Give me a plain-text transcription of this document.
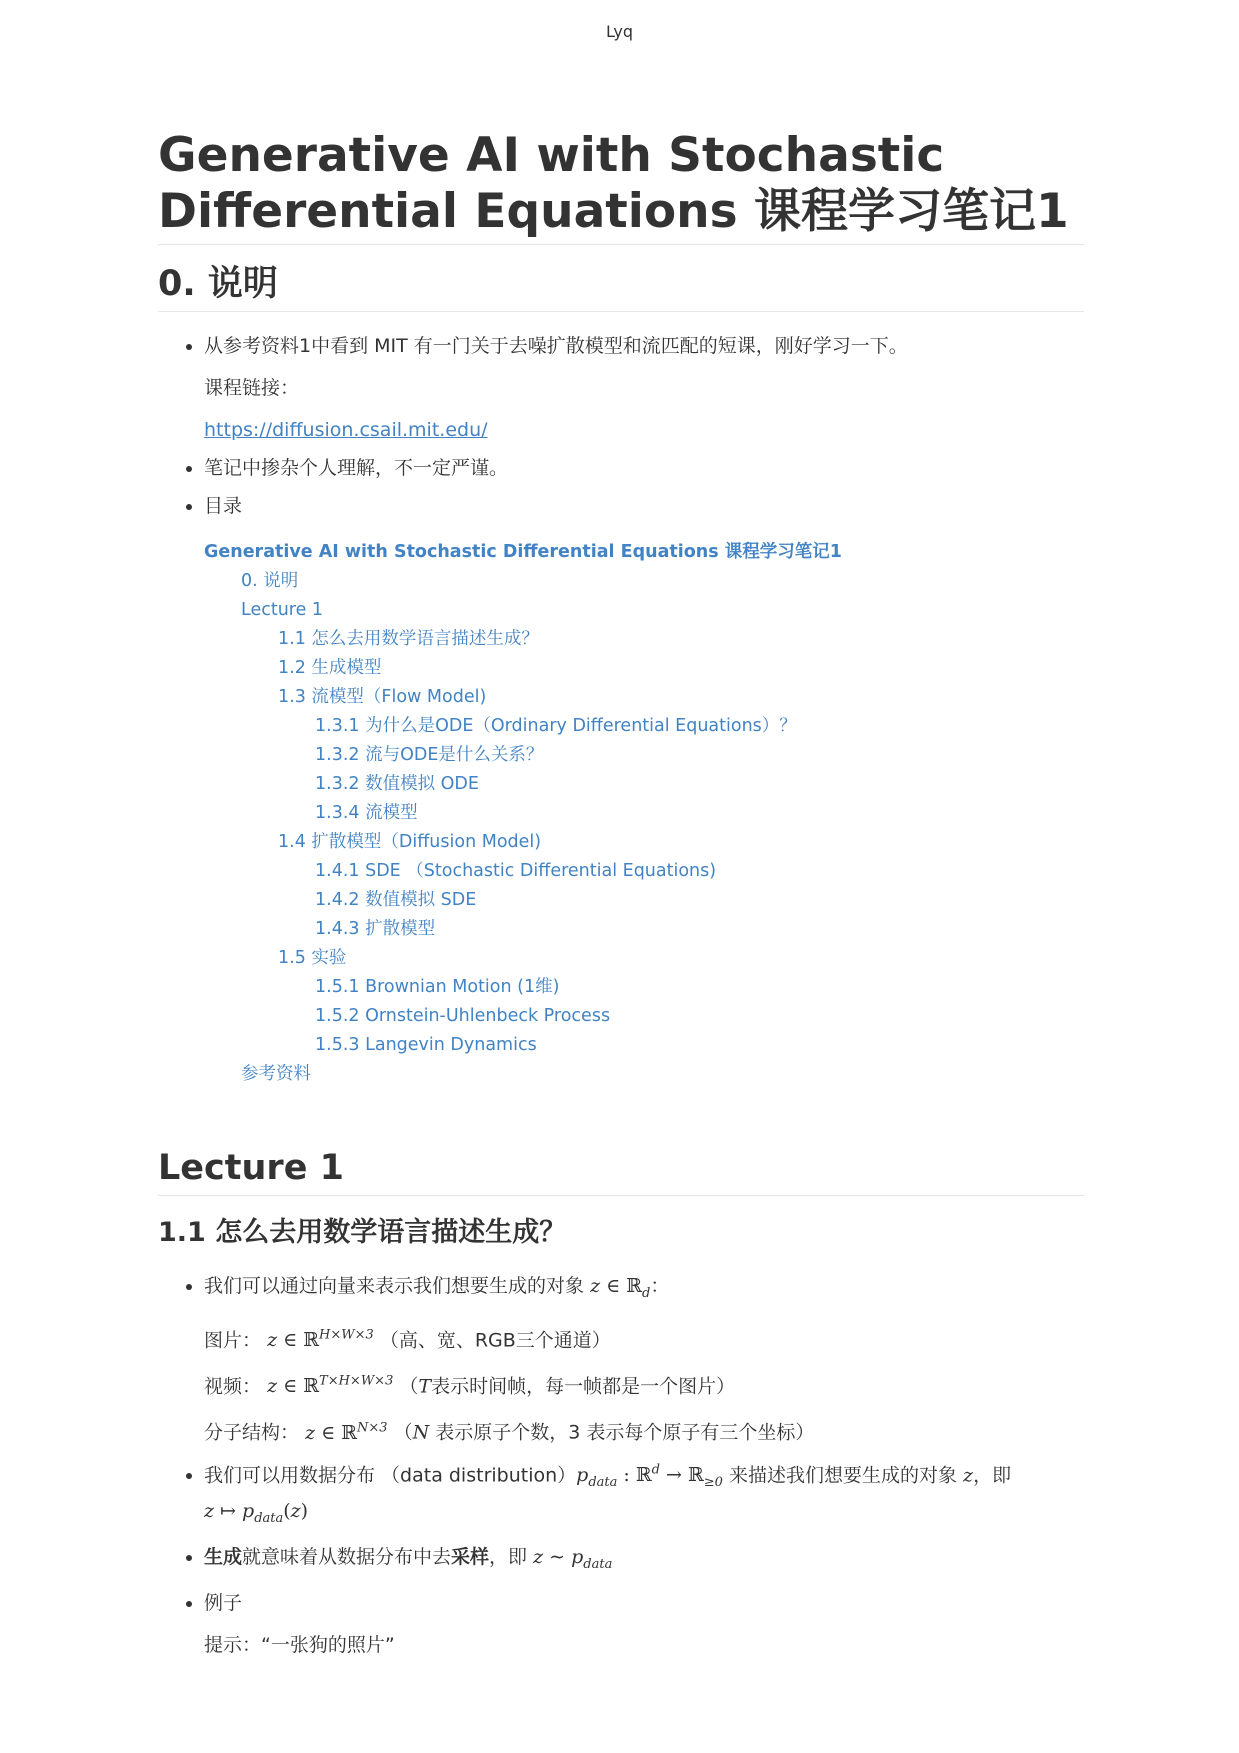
Lyq
Generative AI with Stochastic Differential Equations 课程学习笔记1
0. 说明
• 从参考资料1中看到 MIT 有一门关于去噪扩散模型和流匹配的短课，刚好学习一下。
课程链接：
https://diffusion.csail.mit.edu/
• 笔记中掺杂个人理解，不一定严谨。
• 目录
Generative AI with Stochastic Differential Equations 课程学习笔记1
0. 说明
Lecture 1
1.1 怎么去用数学语言描述生成？
1.2 生成模型
1.3 流模型（Flow Model)
1.3.1 为什么是ODE（Ordinary Differential Equations）？
1.3.2 流与ODE是什么关系？
1.3.2 数值模拟 ODE
1.3.4 流模型
1.4 扩散模型（Diffusion Model)
1.4.1 SDE （Stochastic Differential Equations)
1.4.2 数值模拟 SDE
1.4.3 扩散模型
1.5 实验
1.5.1 Brownian Motion (1维)
1.5.2 Ornstein-Uhlenbeck Process
1.5.3 Langevin Dynamics
参考资料
Lecture 1
1.1 怎么去用数学语言描述生成？
• 我们可以通过向量来表示我们想要生成的对象 z ∈ ℝ$_d$：
图片： z ∈ ℝ$^{H\times W\times 3}$ （高、宽、RGB三个通道）
视频： z ∈ ℝ$^{T\times H\times W\times 3}$ （T表示时间帧，每一帧都是一个图片）
分子结构： z ∈ ℝ$^{N\times 3}$ （N 表示原子个数，3 表示每个原子有三个坐标）
• 我们可以用数据分布 （data $distribution)p_{data}$ : ℝ$^d$ → ℝ$_{\ge 0}$ 来描述我们想要生成的对象 z，即
z ↦ $p_{data}(z)$
• 生成就意味着从数据分布中去采样，即 z ∼ $p_{data}$
• 例子
提示：“一张狗的照片”
